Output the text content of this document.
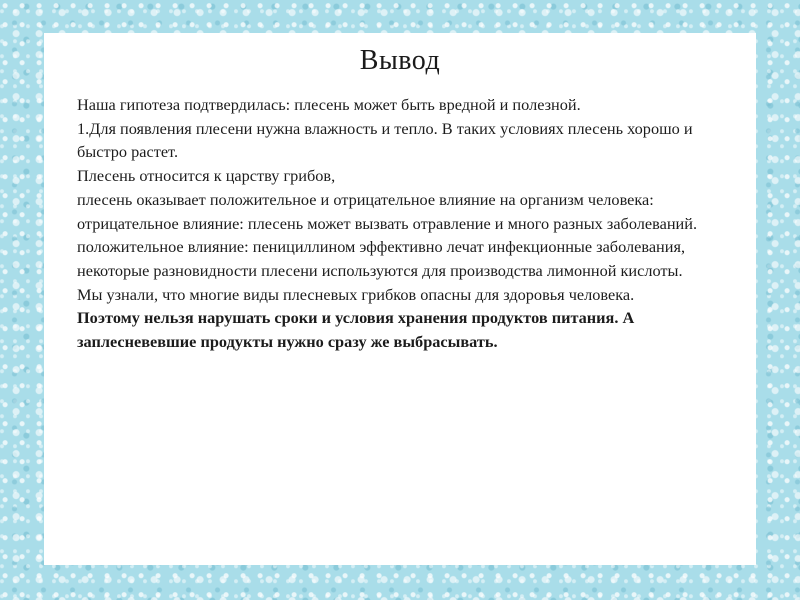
Вывод

Наша гипотеза подтвердилась: плесень может быть вредной и полезной.

1.Для появления плесени нужна влажность и тепло. В таких условиях плесень хорошо и быстро растет.

Плесень относится к царству грибов,

плесень оказывает положительное и отрицательное влияние на организм человека:

отрицательное влияние: плесень может вызвать отравление и много разных заболеваний.

положительное влияние: пенициллином эффективно лечат инфекционные заболевания, некоторые разновидности плесени используются для производства лимонной кислоты.

Мы узнали, что многие виды плесневых грибков опасны для здоровья человека.

Поэтому нельзя нарушать сроки и условия хранения продуктов питания. А заплесневевшие продукты нужно сразу же выбрасывать.
